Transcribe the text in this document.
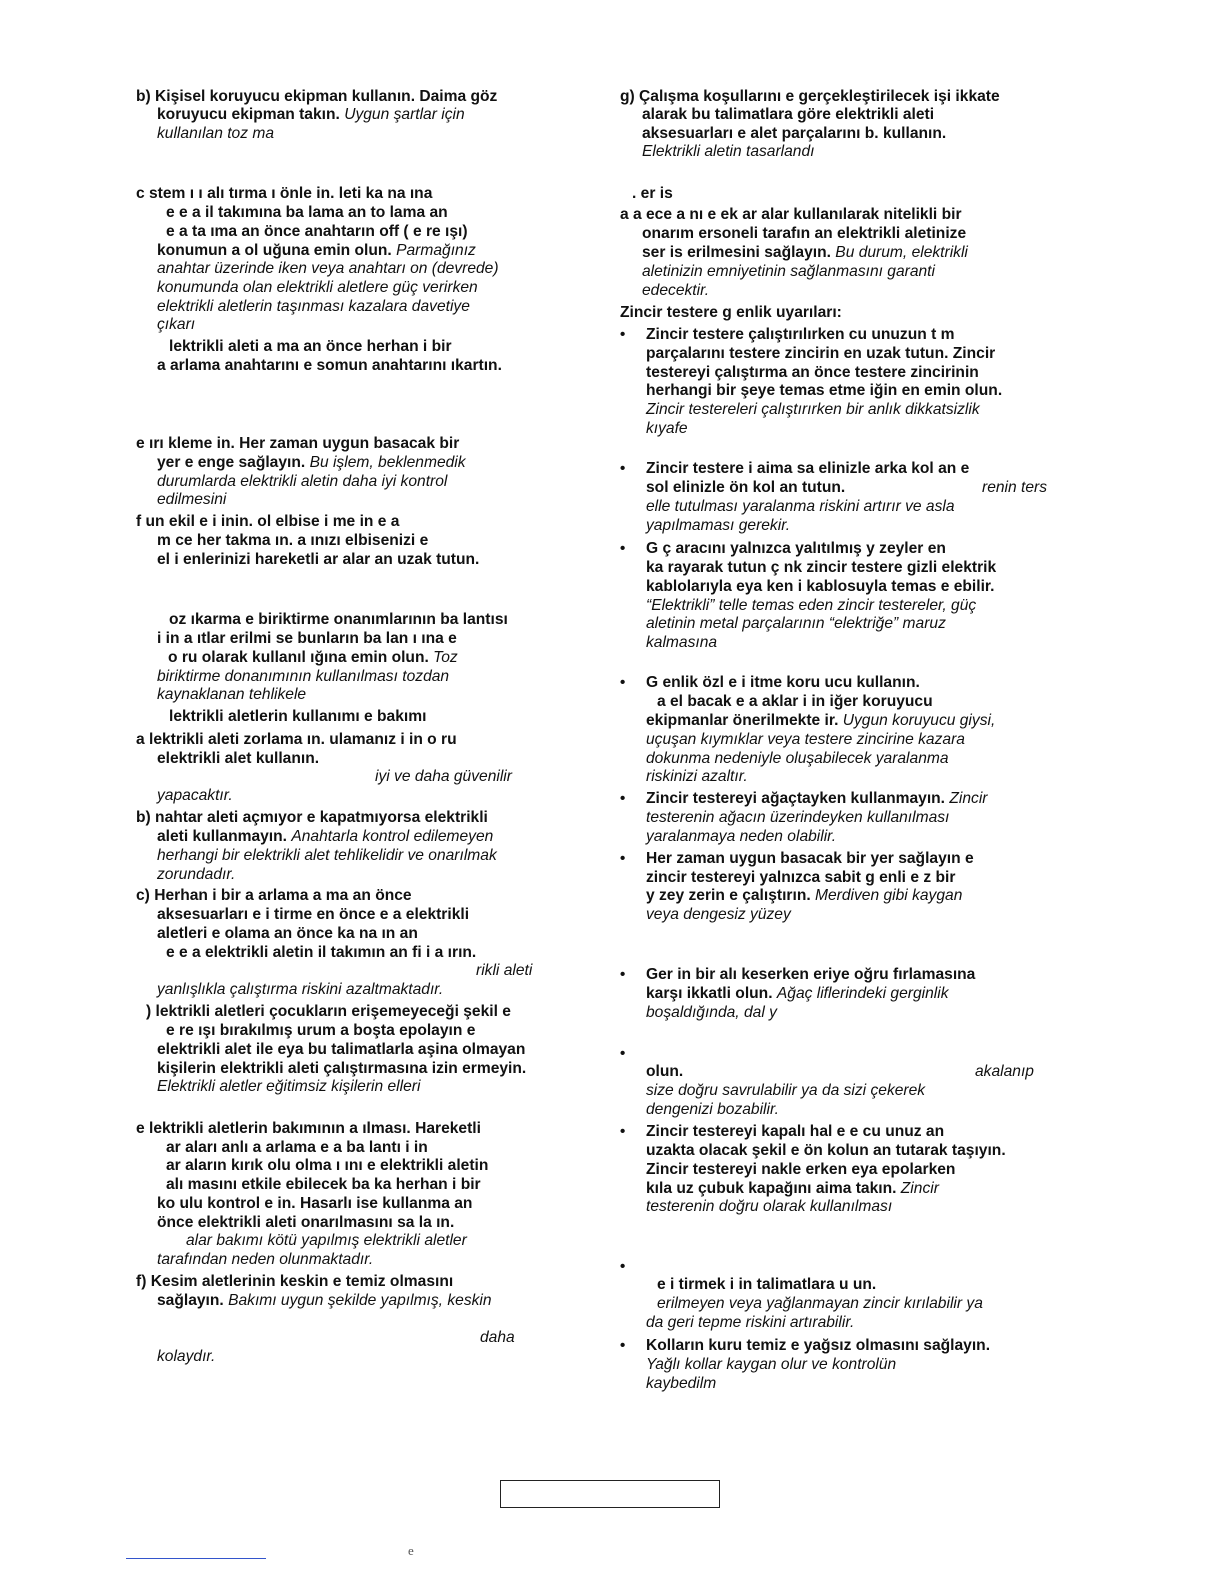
b) Kişisel koruyucu ekipman kullanın. Daima göz
koruyucu ekipman takın. Uygun şartlar için
kullanılan toz ma
c stem ı ı alı tırma ı önle in. leti ka na ına
e e a il takımına ba lama an to lama an
e a ta ıma an önce anahtarın off ( e re ışı)
konumun a ol uğuna emin olun. Parmağınız
anahtar üzerinde iken veya anahtarı on (devrede)
konumunda olan elektrikli aletlere güç verirken
elektrikli aletlerin taşınması kazalara davetiye
çıkarı
lektrikli aleti a ma an önce herhan i bir
a arlama anahtarını e somun anahtarını ıkartın.
e ırı kleme in. Her zaman uygun basacak bir
yer e enge sağlayın. Bu işlem, beklenmedik
durumlarda elektrikli aletin daha iyi kontrol
edilmesini
f un ekil e i inin. ol elbise i me in e a
m ce her takma ın. a ınızı elbisenizi e
el i enlerinizi hareketli ar alar an uzak tutun.
oz ıkarma e biriktirme onanımlarının ba lantısı
i in a ıtlar erilmi se bunların ba lan ı ına e
o ru olarak kullanıl ığına emin olun. Toz
biriktirme donanımının kullanılması tozdan
kaynaklanan tehlikele
lektrikli aletlerin kullanımı e bakımı
a lektrikli aleti zorlama ın. ulamanız i in o ru
elektrikli alet kullanın.
iyi ve daha güvenilir
yapacaktır.
b) nahtar aleti açmıyor e kapatmıyorsa elektrikli
aleti kullanmayın. Anahtarla kontrol edilemeyen
herhangi bir elektrikli alet tehlikelidir ve onarılmak
zorundadır.
c) Herhan i bir a arlama a ma an önce
aksesuarları e i tirme en önce e a elektrikli
aletleri e olama an önce ka na ın an
e e a elektrikli aletin il takımın an fi i a ırın.
rikli aleti
yanlışlıkla çalıştırma riskini azaltmaktadır.
) lektrikli aletleri çocukların erişemeyeceği şekil e
e re ışı bırakılmış urum a boşta epolayın e
elektrikli alet ile eya bu talimatlarla aşina olmayan
kişilerin elektrikli aleti çalıştırmasına izin ermeyin.
Elektrikli aletler eğitimsiz kişilerin elleri
e lektrikli aletlerin bakımının a ılması. Hareketli
ar aları anlı a arlama e a ba lantı i in
ar aların kırık olu olma ı ını e elektrikli aletin
alı masını etkile ebilecek ba ka herhan i bir
ko ulu kontrol e in. Hasarlı ise kullanma an
önce elektrikli aleti onarılmasını sa la ın.
alar bakımı kötü yapılmış elektrikli aletler
tarafından neden olunmaktadır.
f) Kesim aletlerinin keskin e temiz olmasını
sağlayın. Bakımı uygun şekilde yapılmış, keskin
daha
kolaydır.
g) Çalışma koşullarını e gerçekleştirilecek işi ikkate
alarak bu talimatlara göre elektrikli aleti
aksesuarları e alet parçalarını b. kullanın.
Elektrikli aletin tasarlandı
. er is
a a ece a nı e ek ar alar kullanılarak nitelikli bir
onarım ersoneli tarafın an elektrikli aletinize
ser is erilmesini sağlayın. Bu durum, elektrikli
aletinizin emniyetinin sağlanmasını garanti
edecektir.
Zincir testere g enlik uyarıları:
Zincir testere çalıştırılırken cu unuzun t m
parçalarını testere zincirin en uzak tutun. Zincir
testereyi çalıştırma an önce testere zincirinin
herhangi bir şeye temas etme iğin en emin olun.
Zincir testereleri çalıştırırken bir anlık dikkatsizlik
kıyafe
Zincir testere i aima sa elinizle arka kol an e
sol elinizle ön kol an tutun.	renin ters
elle tutulması yaralanma riskini artırır ve asla
yapılmaması gerekir.
G ç aracını yalnızca yalıtılmış y zeyler en
ka rayarak tutun ç nk zincir testere gizli elektrik
kablolarıyla eya ken i kablosuyla temas e ebilir.
“Elektrikli” telle temas eden zincir testereler, güç
aletinin metal parçalarının “elektriğe” maruz
kalmasına
G enlik özl e i itme koru ucu kullanın.
a el bacak e a aklar i in iğer koruyucu
ekipmanlar önerilmekte ir. Uygun koruyucu giysi,
uçuşan kıymıklar veya testere zincirine kazara
dokunma nedeniyle oluşabilecek yaralanma
riskinizi azaltır.
Zincir testereyi ağaçtayken kullanmayın. Zincir
testerenin ağacın üzerindeyken kullanılması
yaralanmaya neden olabilir.
Her zaman uygun basacak bir yer sağlayın e
zincir testereyi yalnızca sabit g enli e z bir
y zey zerin e çalıştırın. Merdiven gibi kaygan
veya dengesiz yüzey
Ger in bir alı keserken eriye oğru fırlamasına
karşı ikkatli olun. Ağaç liflerindeki gerginlik
boşaldığında, dal y
olun.	akalanıp
size doğru savrulabilir ya da sizi çekerek
dengenizi bozabilir.
Zincir testereyi kapalı hal e e cu unuz an
uzakta olacak şekil e ön kolun an tutarak taşıyın.
Zincir testereyi nakle erken eya epolarken
kıla uz çubuk kapağını aima takın. Zincir
testerenin doğru olarak kullanılması
e i tirmek i in talimatlara u un.
erilmeyen veya yağlanmayan zincir kırılabilir ya
da geri tepme riskini artırabilir.
Kolların kuru temiz e yağsız olmasını sağlayın.
Yağlı kollar kaygan olur ve kontrolün
kaybedilm
•
•
•
•
•
•
•
•
•
•
•
e
